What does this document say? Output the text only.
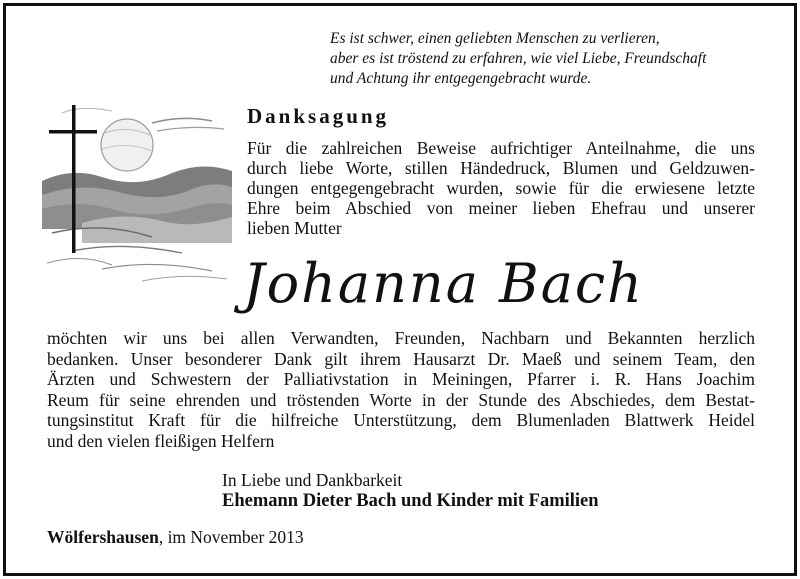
Es ist schwer, einen geliebten Menschen zu verlieren,
aber es ist tröstend zu erfahren, wie viel Liebe, Freundschaft
und Achtung ihr entgegengebracht wurde.
Danksagung
Für die zahlreichen Beweise aufrichtiger Anteilnahme, die uns
durch liebe Worte, stillen Händedruck, Blumen und Geldzuwen-
dungen entgegengebracht wurden, sowie für die erwiesene letzte
Ehre beim Abschied von meiner lieben Ehefrau und unserer
lieben Mutter
Johanna Bach
möchten wir uns bei allen Verwandten, Freunden, Nachbarn und Bekannten herzlich
bedanken. Unser besonderer Dank gilt ihrem Hausarzt Dr. Maeß und seinem Team, den
Ärzten und Schwestern der Palliativstation in Meiningen, Pfarrer i. R. Hans Joachim
Reum für seine ehrenden und tröstenden Worte in der Stunde des Abschiedes, dem Bestat-
tungsinstitut Kraft für die hilfreiche Unterstützung, dem Blumenladen Blattwerk Heidel
und den vielen fleißigen Helfern
In Liebe und Dankbarkeit
Ehemann Dieter Bach und Kinder mit Familien
Wölfershausen, im November 2013
